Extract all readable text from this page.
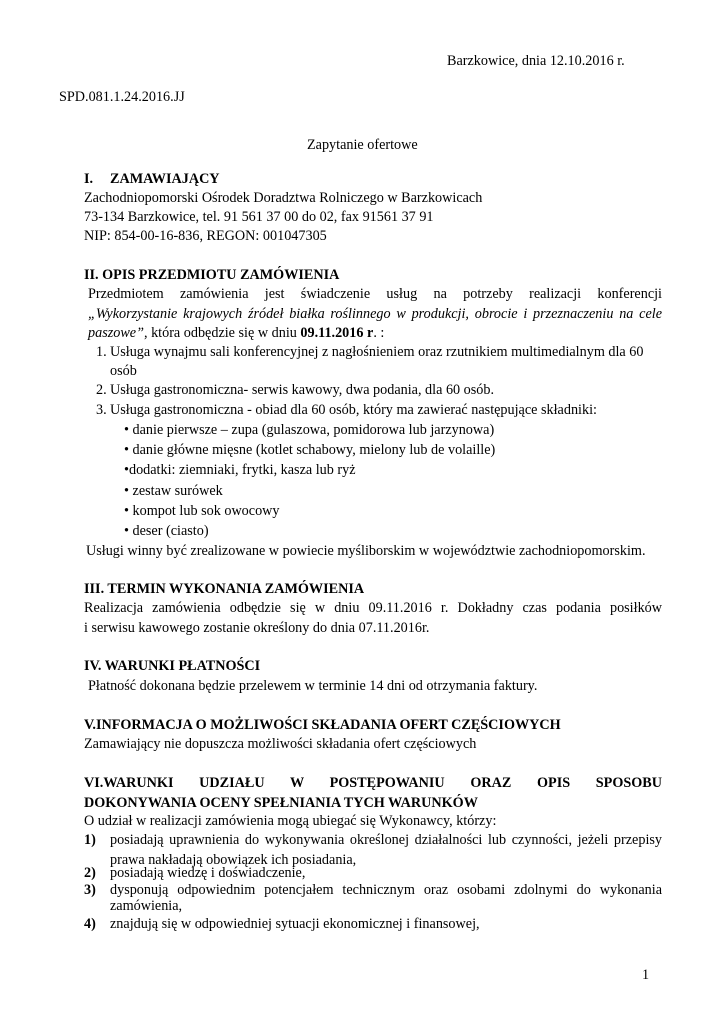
Barzkowice, dnia 12.10.2016 r.
SPD.081.1.24.2016.JJ
Zapytanie ofertowe
I. ZAMAWIAJĄCY
Zachodniopomorski Ośrodek Doradztwa Rolniczego w Barzkowicach
73-134 Barzkowice, tel. 91 561 37 00 do 02, fax 91561 37 91
NIP: 854-00-16-836, REGON: 001047305
II. OPIS PRZEDMIOTU ZAMÓWIENIA
Przedmiotem zamówienia jest świadczenie usług na potrzeby realizacji konferencji
„Wykorzystanie krajowych źródeł białka roślinnego w produkcji, obrocie i przeznaczeniu na cele
paszowe”, która odbędzie się w dniu 09.11.2016 r. :
1. Usługa wynajmu sali konferencyjnej z nagłośnieniem oraz rzutnikiem multimedialnym dla 60
osób
2. Usługa gastronomiczna- serwis kawowy, dwa podania, dla 60 osób.
3. Usługa gastronomiczna - obiad dla 60 osób, który ma zawierać następujące składniki:
• danie pierwsze – zupa (gulaszowa, pomidorowa lub jarzynowa)
• danie główne mięsne (kotlet schabowy, mielony lub de volaille)
•dodatki: ziemniaki, frytki, kasza lub ryż
• zestaw surówek
• kompot lub sok owocowy
• deser (ciasto)
Usługi winny być zrealizowane w powiecie myśliborskim w województwie zachodniopomorskim.
III. TERMIN WYKONANIA ZAMÓWIENIA
Realizacja zamówienia odbędzie się w dniu 09.11.2016 r. Dokładny czas podania posiłków
i serwisu kawowego zostanie określony do dnia 07.11.2016r.
IV. WARUNKI PŁATNOŚCI
Płatność dokonana będzie przelewem w terminie 14 dni od otrzymania faktury.
V.INFORMACJA O MOŻLIWOŚCI SKŁADANIA OFERT CZĘŚCIOWYCH
Zamawiający nie dopuszcza możliwości składania ofert częściowych
VI.WARUNKI UDZIAŁU W POSTĘPOWANIU ORAZ OPIS SPOSOBU
DOKONYWANIA OCENY SPEŁNIANIA TYCH WARUNKÓW
O udział w realizacji zamówienia mogą ubiegać się Wykonawcy, którzy:
1) posiadają uprawnienia do wykonywania określonej działalności lub czynności, jeżeli przepisy
prawa nakładają obowiązek ich posiadania,
2) posiadają wiedzę i doświadczenie,
3) dysponują odpowiednim potencjałem technicznym oraz osobami zdolnymi do wykonania
zamówienia,
4) znajdują się w odpowiedniej sytuacji ekonomicznej i finansowej,
1
